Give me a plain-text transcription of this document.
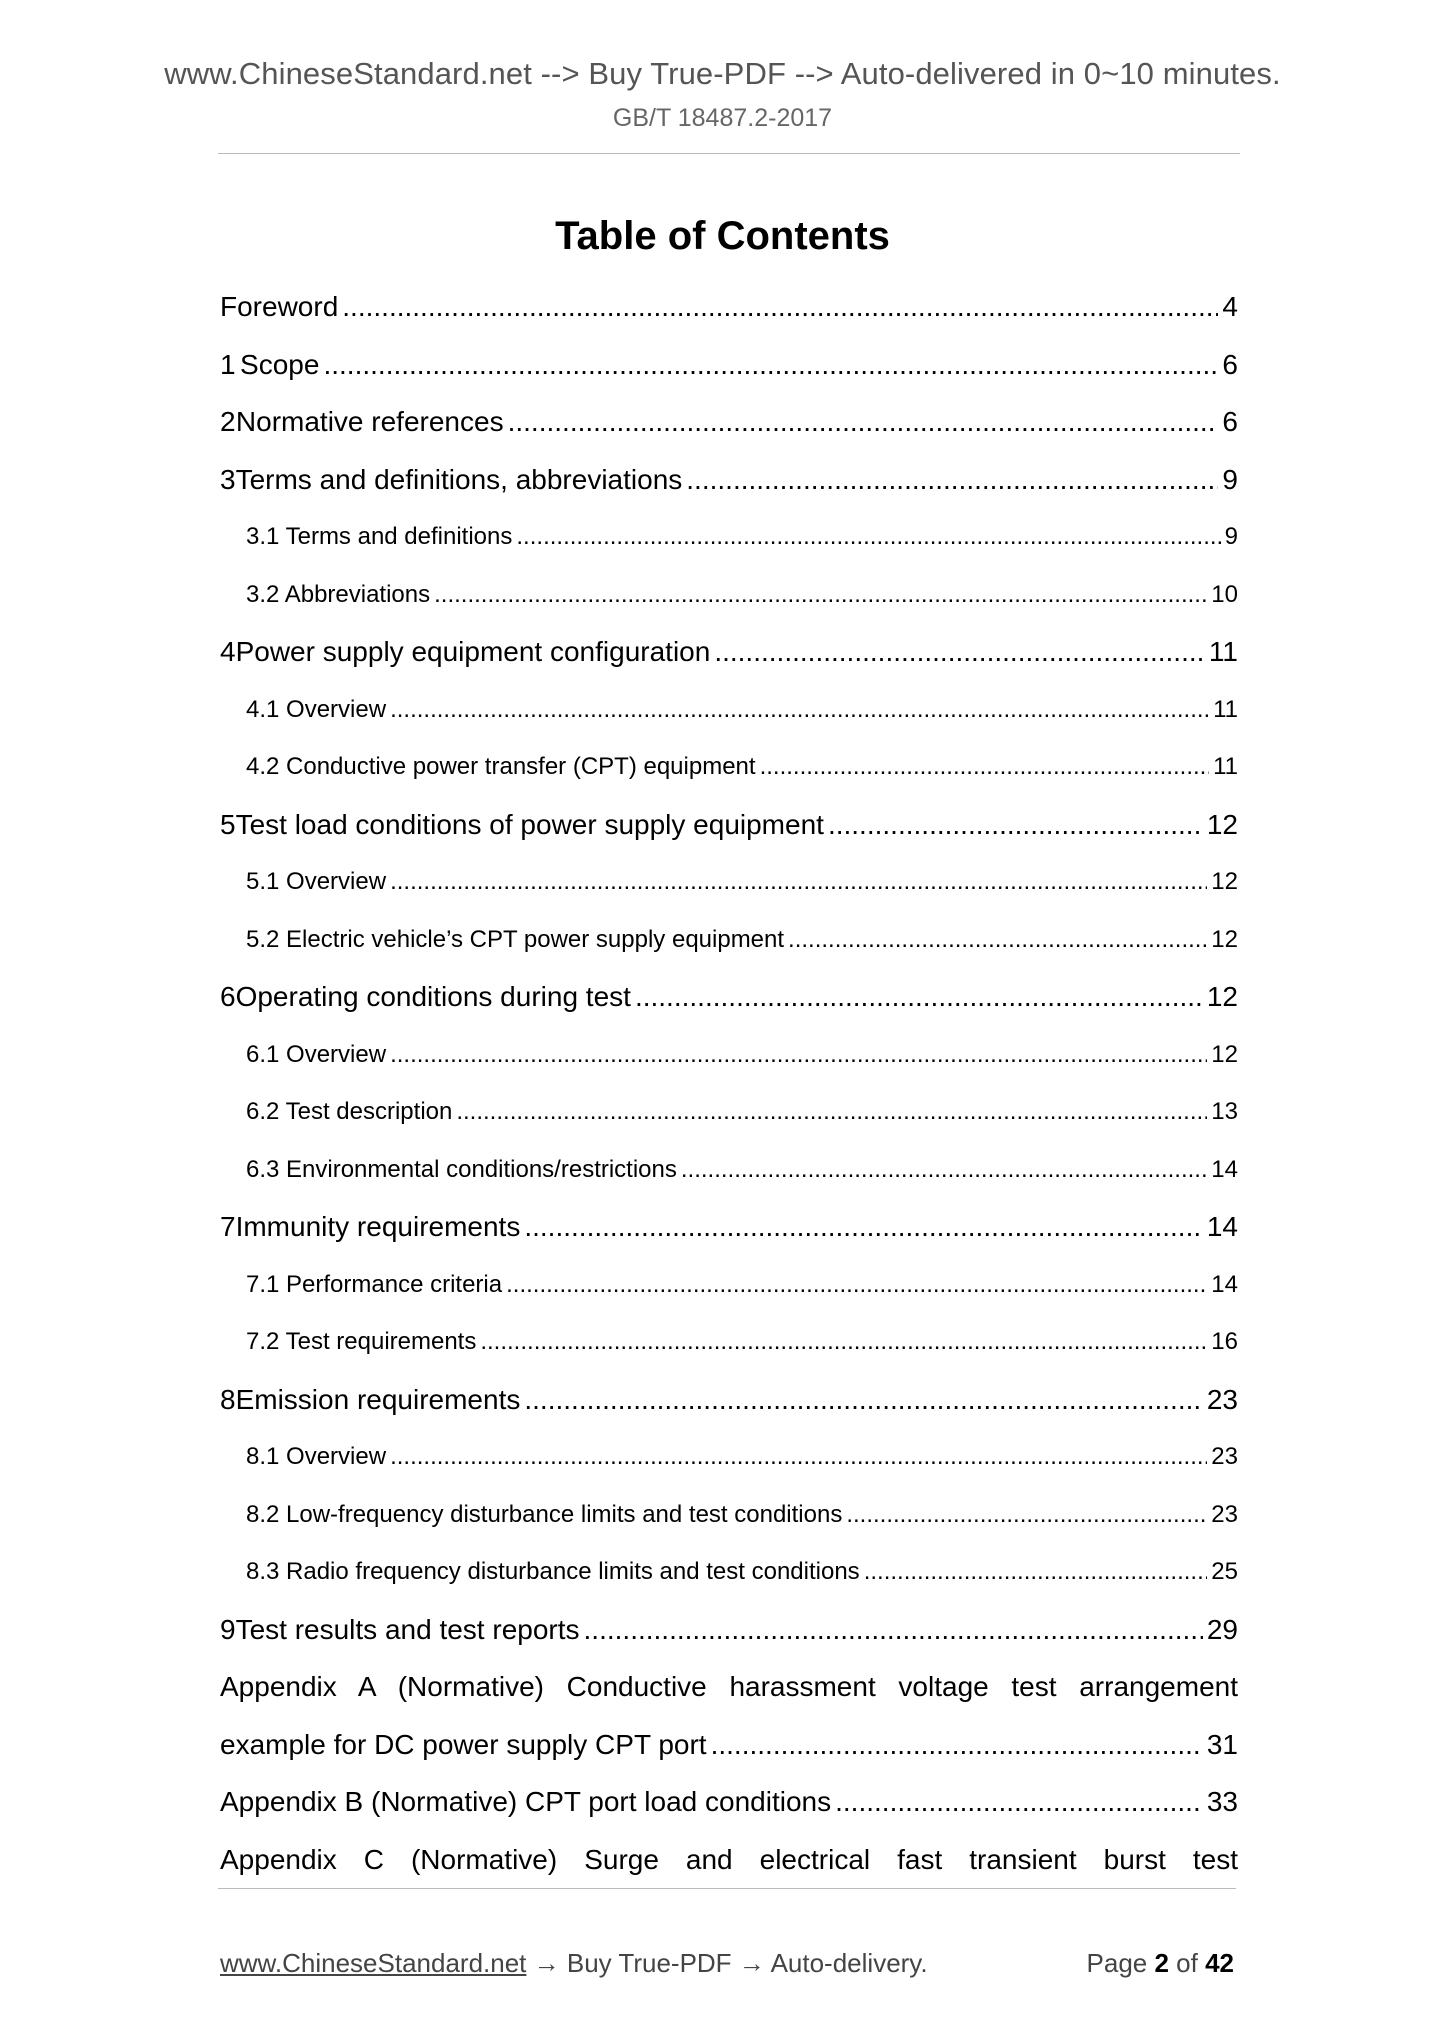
www.ChineseStandard.net --> Buy True-PDF --> Auto-delivered in 0~10 minutes.
GB/T 18487.2-2017
Table of Contents
Foreword .....	4
1 Scope .....	6
2 Normative references .....	6
3 Terms and definitions, abbreviations .....	9
3.1 Terms and definitions .....	9
3.2 Abbreviations .....	10
4 Power supply equipment configuration .....	11
4.1 Overview .....	11
4.2 Conductive power transfer (CPT) equipment .....	11
5 Test load conditions of power supply equipment .....	12
5.1 Overview .....	12
5.2 Electric vehicle’s CPT power supply equipment .....	12
6 Operating conditions during test .....	12
6.1 Overview .....	12
6.2 Test description .....	13
6.3 Environmental conditions/restrictions .....	14
7 Immunity requirements .....	14
7.1 Performance criteria .....	14
7.2 Test requirements .....	16
8 Emission requirements .....	23
8.1 Overview .....	23
8.2 Low-frequency disturbance limits and test conditions .....	23
8.3 Radio frequency disturbance limits and test conditions .....	25
9 Test results and test reports .....	29
Appendix A (Normative) Conductive harassment voltage test arrangement
example for DC power supply CPT port .....	31
Appendix B (Normative) CPT port load conditions .....	33
Appendix C (Normative) Surge and electrical fast transient burst test
www.ChineseStandard.net → Buy True-PDF → Auto-delivery.	Page 2 of 42
